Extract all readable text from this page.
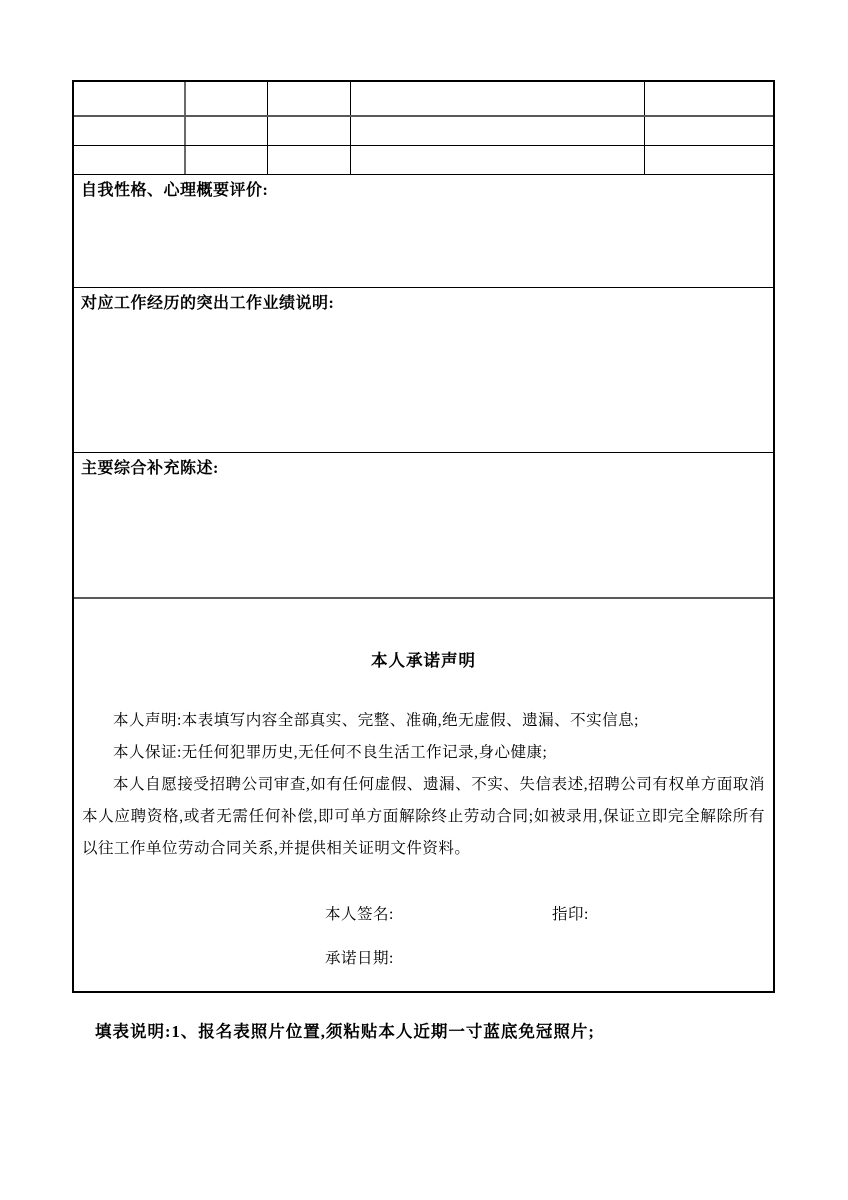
自我性格、心理概要评价:
对应工作经历的突出工作业绩说明:
主要综合补充陈述:
本人承诺声明

本人声明:本表填写内容全部真实、完整、准确,绝无虚假、遗漏、不实信息;

本人保证:无任何犯罪历史,无任何不良生活工作记录,身心健康;

本人自愿接受招聘公司审查,如有任何虚假、遗漏、不实、失信表述,招聘公司有权单方面取消本人应聘资格,或者无需任何补偿,即可单方面解除终止劳动合同;如被录用,保证立即完全解除所有以往工作单位劳动合同关系,并提供相关证明文件资料。

本人签名:	指印:
承诺日期:
填表说明:1、报名表照片位置,须粘贴本人近期一寸蓝底免冠照片;
